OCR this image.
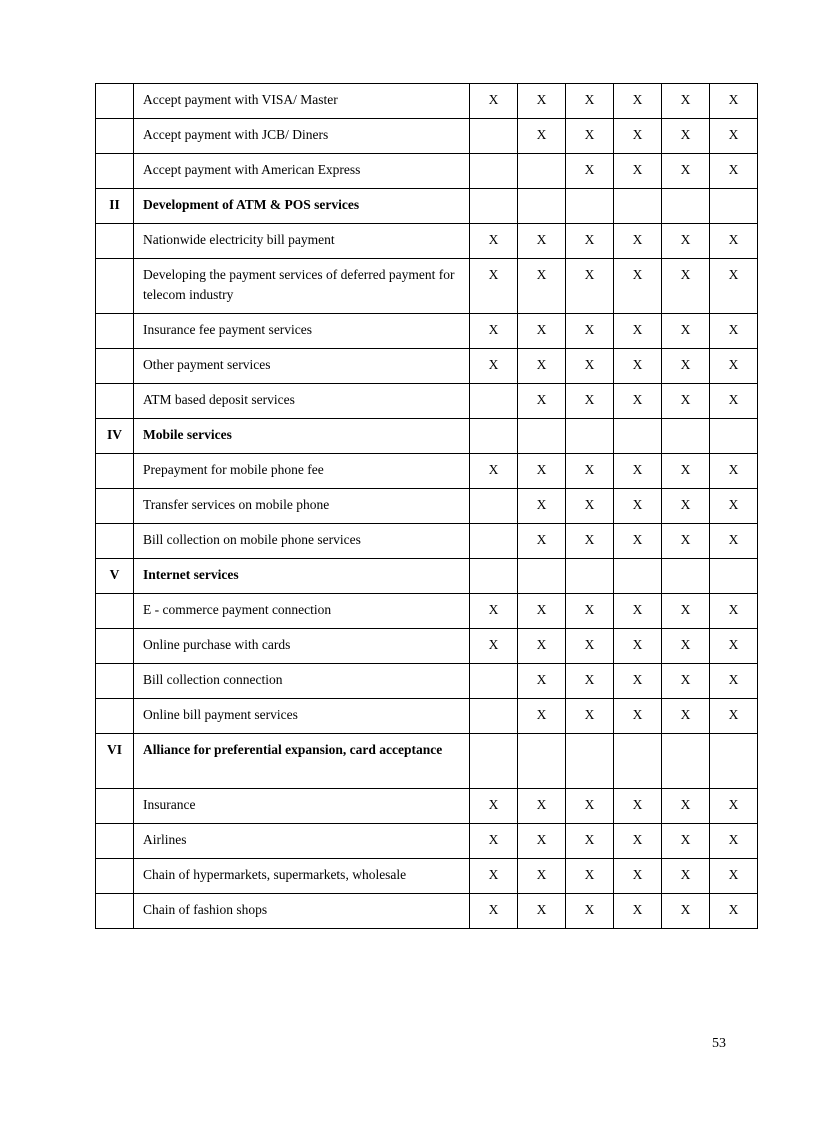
	Accept payment with VISA/ Master	X	X	X	X	X	X
	Accept payment with JCB/ Diners		X	X	X	X	X
	Accept payment with American Express			X	X	X	X
II	Development of ATM & POS services						
	Nationwide electricity bill payment	X	X	X	X	X	X
	Developing the payment services of deferred payment for telecom industry	X	X	X	X	X	X
	Insurance fee payment services	X	X	X	X	X	X
	Other payment services	X	X	X	X	X	X
	ATM based deposit services		X	X	X	X	X
IV	Mobile services						
	Prepayment for mobile phone fee	X	X	X	X	X	X
	Transfer services on mobile phone		X	X	X	X	X
	Bill collection on mobile phone services		X	X	X	X	X
V	Internet services						
	E - commerce payment connection	X	X	X	X	X	X
	Online purchase with cards	X	X	X	X	X	X
	Bill collection connection		X	X	X	X	X
	Online bill payment services		X	X	X	X	X
VI	Alliance for preferential expansion, card acceptance						
	Insurance	X	X	X	X	X	X
	Airlines	X	X	X	X	X	X
	Chain of hypermarkets, supermarkets, wholesale	X	X	X	X	X	X
	Chain of fashion shops	X	X	X	X	X	X
53
